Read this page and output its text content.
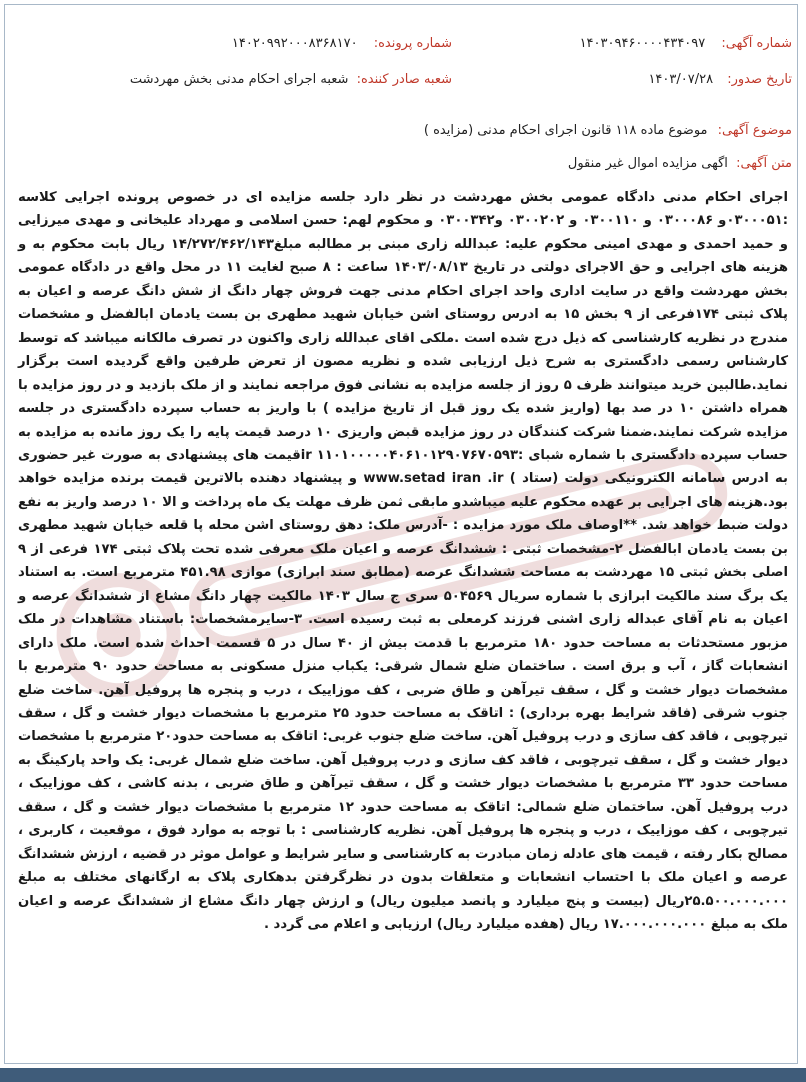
شماره آگهی: ۱۴۰۳۰۹۴۶۰۰۰۰۴۳۴۰۹۷
شماره پرونده: ۱۴۰۲۰۹۹۲۰۰۰۸۳۶۸۱۷۰
تاریخ صدور: ۱۴۰۳/۰۷/۲۸
شعبه صادر کننده: شعبه اجرای احکام مدنی بخش مهردشت
موضوع آگهی: موضوع ماده ۱۱۸ قانون اجرای احکام مدنی (مزایده )
متن آگهی: اگهی مزایده اموال غیر منقول

اجرای احکام مدنی دادگاه عمومی بخش مهردشت در نظر دارد جلسه مزایده ای در خصوص پرونده اجرایی کلاسه :۰۳۰۰۰۵۱و ۰۳۰۰۰۸۶ و ۰۳۰۰۱۱۰ و ۰۳۰۰۲۰۲ و۰۳۰۰۳۴۲ و محکوم لهم: حسن اسلامی و مهرداد علیخانی و مهدی میرزایی و حمید احمدی و مهدی امینی محکوم علیه: عبدالله زاری مبنی بر مطالبه مبلغ۱۴/۲۷۲/۴۶۲/۱۴۳ ریال بابت محکوم به و هزینه های اجرایی و حق الاجرای دولتی در تاریخ ۱۴۰۳/۰۸/۱۳ ساعت : ۸ صبح لغایت ۱۱ در محل واقع در دادگاه عمومی بخش مهردشت واقع در سایت اداری واحد اجرای احکام مدنی جهت فروش چهار دانگ از شش دانگ عرصه و اعیان به پلاک ثبتی ۱۷۴فرعی از ۹ بخش ۱۵ به ادرس روستای اشن خیابان شهید مطهری بن بست یادمان ابالفضل و مشخصات مندرج در نظریه کارشناسی که ذیل درج شده است .ملکی اقای عبدالله زاری واکنون در تصرف مالکانه میباشد که توسط کارشناس رسمی دادگستری به شرح ذیل ارزیابی شده و نظریه مصون از تعرض طرفین واقع گردیده است برگزار نماید.طالبین خرید میتوانند ظرف ۵ روز از جلسه مزایده به نشانی فوق مراجعه نمایند و از ملک بازدید و در روز مزایده با همراه داشتن ۱۰ در صد بها (واریز شده یک روز قبل از تاریخ مزایده ) با واریز به حساب سپرده دادگستری در جلسه مزایده شرکت نمایند.ضمنا شرکت کنندگان در روز مزایده قبض واریزی ۱۰ درصد قیمت پایه را یک روز مانده به مزایده به حساب سپرده دادگستری با شماره شبای :ir ۱۱۰۱۰۰۰۰۰۴۰۶۱۰۱۲۹۰۷۶۷۰۵۹۳قیمت های پیشنهادی به صورت غیر حضوری به ادرس سامانه الکترونیکی دولت (ستاد ) www.setad iran .ir و پیشنهاد دهنده بالاترین قیمت برنده مزایده خواهد بود.هزینه های اجرایی بر عهده محکوم علیه میباشدو مابقی ثمن ظرف مهلت یک ماه پرداخت و الا ۱۰ درصد واریز به نفع دولت ضبط خواهد شد. **اوصاف ملک مورد مزایده : -آدرس ملک: دهق روستای اشن محله پا قلعه خیابان شهید مطهری بن بست یادمان ابالفضل ۲-مشخصات ثبتی : ششدانگ عرصه و اعیان ملک معرفی شده تحت پلاک ثبتی ۱۷۴ فرعی از ۹ اصلی بخش ثبتی ۱۵ مهردشت به مساحت ششدانگ عرصه (مطابق سند ابرازی) موازی ۴۵۱.۹۸ مترمربع است. به استناد یک برگ سند مالکیت ابرازی با شماره سریال ۵۰۴۵۶۹ سری ج سال ۱۴۰۳ مالکیت چهار دانگ مشاع از ششدانگ عرصه و اعیان به نام آقای عبداله زاری اشنی فرزند کرمعلی به ثبت رسیده است. ۳-سایرمشخصات: باستناد مشاهدات در ملک مزبور مستحدثات به مساحت حدود ۱۸۰ مترمربع با قدمت بیش از ۴۰ سال در ۵ قسمت احداث شده است. ملک دارای انشعابات گاز ، آب و برق است . ساختمان ضلع شمال شرقی: یکباب منزل مسکونی به مساحت حدود ۹۰ مترمربع با مشخصات دیوار خشت و گل ، سقف تیرآهن و طاق ضربی ، کف موزاییک ، درب و پنجره ها پروفیل آهن. ساخت ضلع جنوب شرقی (فاقد شرایط بهره برداری) : اتاقک به مساحت حدود ۲۵ مترمربع با مشخصات دیوار خشت و گل ، سقف تیرچوبی ، فاقد کف سازی و درب پروفیل آهن. ساخت ضلع جنوب غربی: اتاقک به مساحت حدود۲۰ مترمربع با مشخصات دیوار خشت و گل ، سقف تیرچوبی ، فاقد کف سازی و درب پروفیل آهن. ساخت ضلع شمال غربی: یک واحد پارکینگ به مساحت حدود ۳۳ مترمربع با مشخصات دیوار خشت و گل ، سقف تیرآهن و طاق ضربی ، بدنه کاشی ، کف موزاییک ، درب پروفیل آهن. ساختمان ضلع شمالی: اتاقک به مساحت حدود ۱۲ مترمربع با مشخصات دیوار خشت و گل ، سقف تیرچوبی ، کف موزاییک ، درب و پنجره ها پروفیل آهن. نظریه کارشناسی : با توجه به موارد فوق ، موقعیت ، کاربری ، مصالح بکار رفته ، قیمت های عادله زمان مبادرت به کارشناسی و سایر شرایط و عوامل موثر در قضیه ، ارزش ششدانگ عرصه و اعیان ملک با احتساب انشعابات و متعلقات بدون در نظرگرفتن بدهکاری پلاک به ارگانهای مختلف به مبلغ ۲۵.۵۰۰.۰۰۰.۰۰۰ریال (بیست و پنج میلیارد و پانصد میلیون ریال) و ارزش چهار دانگ مشاع از ششدانگ عرصه و اعیان ملک به مبلغ ۱۷.۰۰۰.۰۰۰.۰۰۰ ریال (هفده میلیارد ریال) ارزیابی و اعلام می گردد .
